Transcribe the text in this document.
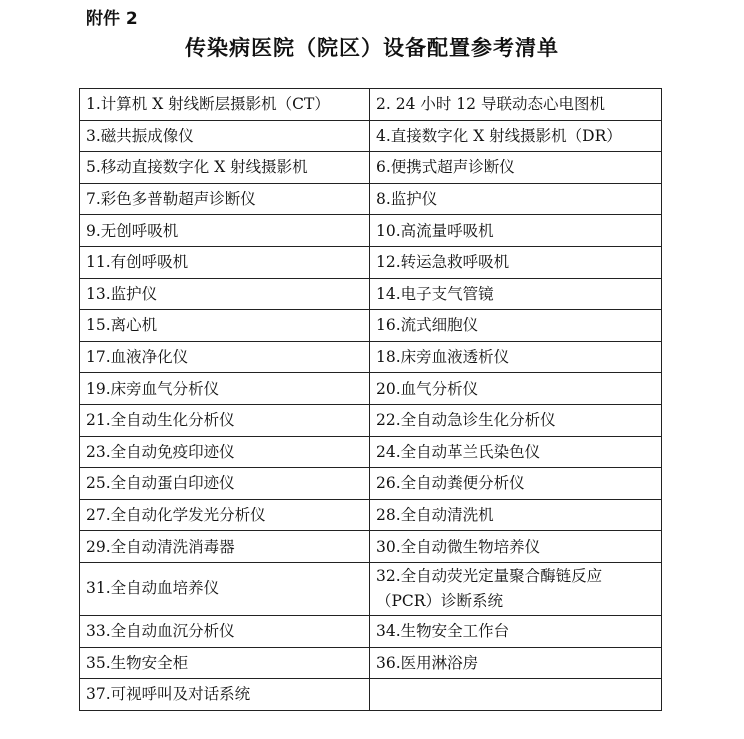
附件 2
传染病医院（院区）设备配置参考清单
1.计算机 X 射线断层摄影机（CT）	2. 24 小时 12 导联动态心电图机
3.磁共振成像仪	4.直接数字化 X 射线摄影机（DR）
5.移动直接数字化 X 射线摄影机	6.便携式超声诊断仪
7.彩色多普勒超声诊断仪	8.监护仪
9.无创呼吸机	10.高流量呼吸机
11.有创呼吸机	12.转运急救呼吸机
13.监护仪	14.电子支气管镜
15.离心机	16.流式细胞仪
17.血液净化仪	18.床旁血液透析仪
19.床旁血气分析仪	20.血气分析仪
21.全自动生化分析仪	22.全自动急诊生化分析仪
23.全自动免疫印迹仪	24.全自动革兰氏染色仪
25.全自动蛋白印迹仪	26.全自动粪便分析仪
27.全自动化学发光分析仪	28.全自动清洗机
29.全自动清洗消毒器	30.全自动微生物培养仪
31.全自动血培养仪	32.全自动荧光定量聚合酶链反应（PCR）诊断系统
33.全自动血沉分析仪	34.生物安全工作台
35.生物安全柜	36.医用淋浴房
37.可视呼叫及对话系统	
